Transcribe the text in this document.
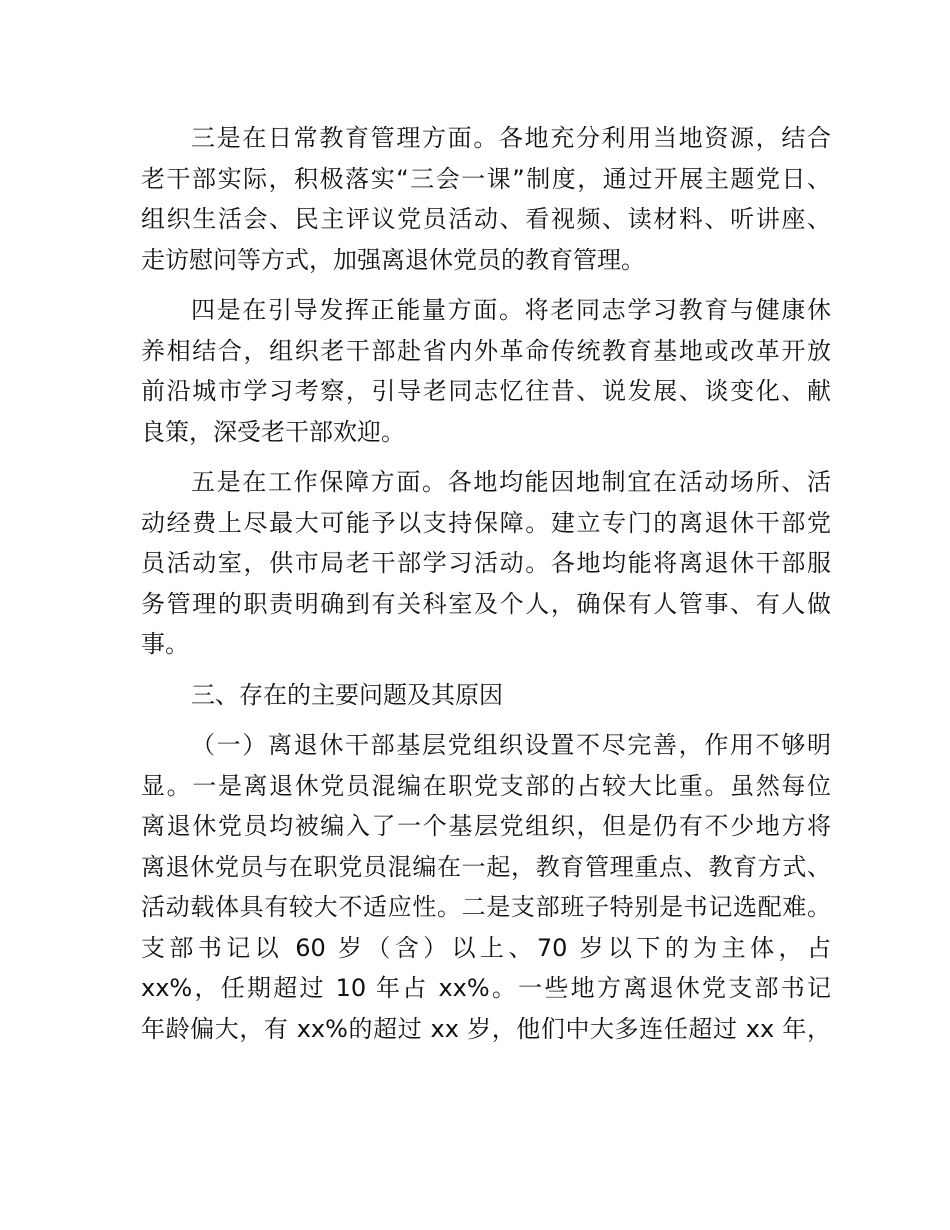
三是在日常教育管理方面。各地充分利用当地资源，结合
老干部实际，积极落实“三会一课”制度，通过开展主题党日、
组织生活会、民主评议党员活动、看视频、读材料、听讲座、
走访慰问等方式，加强离退休党员的教育管理。
四是在引导发挥正能量方面。将老同志学习教育与健康休
养相结合，组织老干部赴省内外革命传统教育基地或改革开放
前沿城市学习考察，引导老同志忆往昔、说发展、谈变化、献
良策，深受老干部欢迎。
五是在工作保障方面。各地均能因地制宜在活动场所、活
动经费上尽最大可能予以支持保障。建立专门的离退休干部党
员活动室，供市局老干部学习活动。各地均能将离退休干部服
务管理的职责明确到有关科室及个人，确保有人管事、有人做
事。
三、存在的主要问题及其原因
（一）离退休干部基层党组织设置不尽完善，作用不够明
显。一是离退休党员混编在职党支部的占较大比重。虽然每位
离退休党员均被编入了一个基层党组织，但是仍有不少地方将
离退休党员与在职党员混编在一起，教育管理重点、教育方式、
活动载体具有较大不适应性。二是支部班子特别是书记选配难。
支部书记以 60 岁（含）以上、70 岁以下的为主体，占
xx%，任期超过 10 年占 xx%。一些地方离退休党支部书记
年龄偏大，有 xx%的超过 xx 岁，他们中大多连任超过 xx 年，
